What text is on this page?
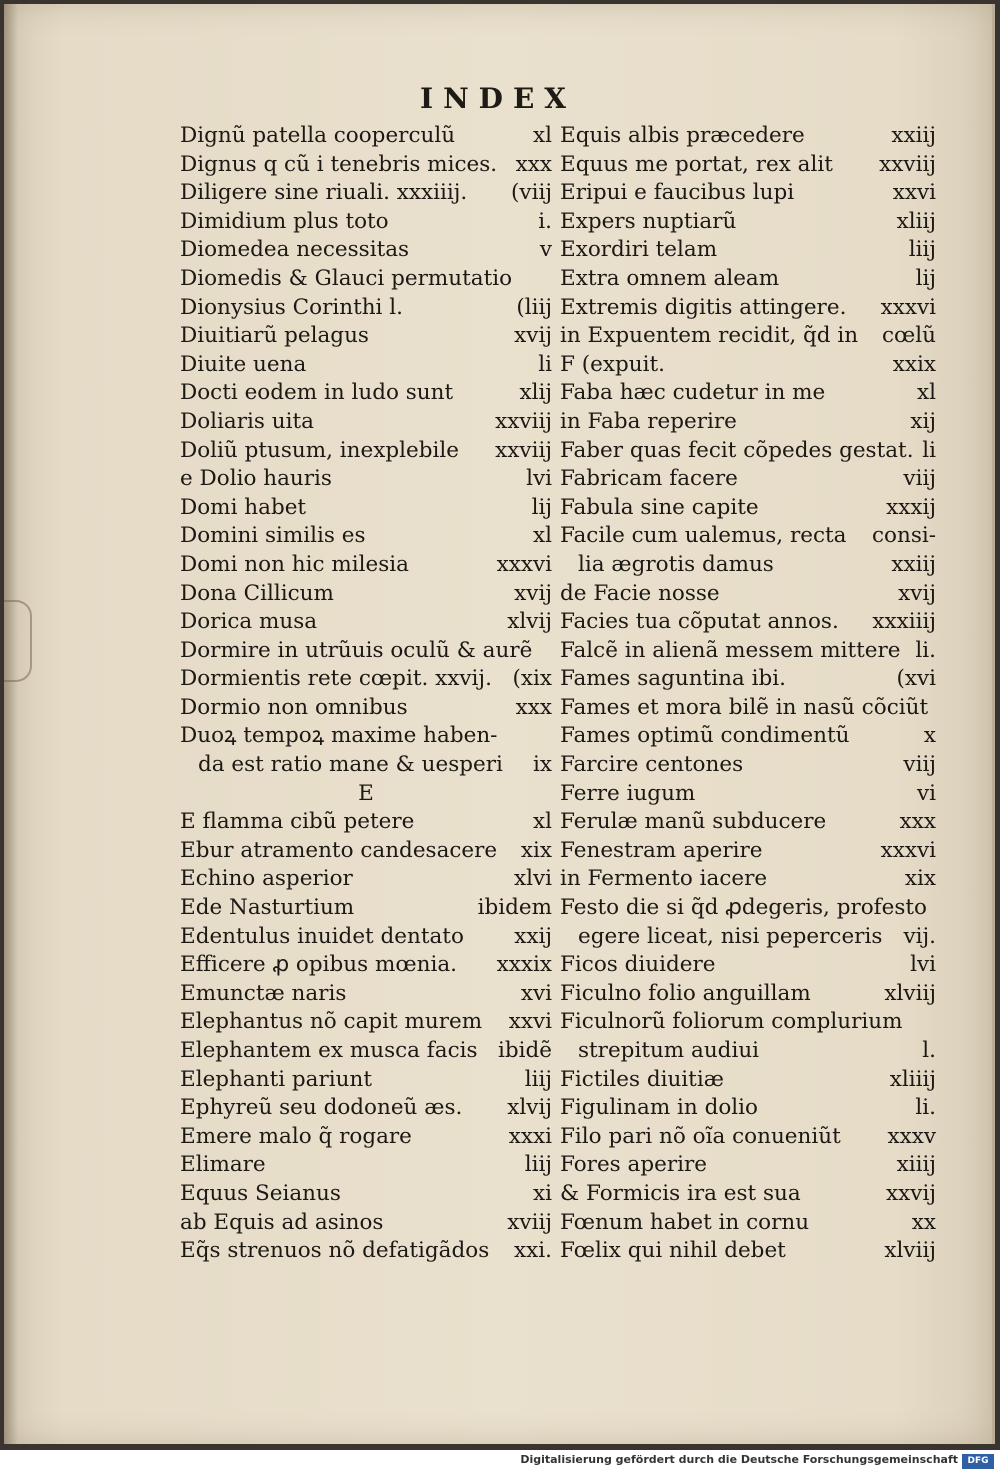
INDEX
Dignũ patella cooperculũ	xl
Dignus q cũ i tenebris mices. xxx
Diligere sine riuali. xxxiiij. (viij
Dimidium plus toto	i.
Diomedea necessitas	v
Diomedis & Glauci permutatio
Dionysius Corinthi l.	(liij
Diuitiarũ pelagus	xvij
Diuite uena	li
Docti eodem in ludo sunt	xlij
Doliaris uita	xxviij
Doliũ ptusum, inexplebile xxviij
e Dolio hauris	lvi
Domi habet	lij
Domini similis es	xl
Domi non hic milesia	xxxvi
Dona Cillicum	xvij
Dorica musa	xlvij
Dormire in utrũuis oculũ & aurẽ
Dormientis rete cœpit. xxvij. (xix
Dormio non omnibus	xxx
Duoꝝ tempoꝝ maxime haben-
da est ratio mane & uesperi ix
E
E flamma cibũ petere	xl
Ebur atramento candesacere xix
Echino asperior	xlvi
Ede Nasturtium	ibidem
Edentulus inuidet dentato xxij
Efficere ꝓ opibus mœnia. xxxix
Emunctæ naris	xvi
Elephantus nõ capit murem xxvi
Elephantem ex musca facis ibidẽ
Elephanti pariunt	liij
Ephyreũ seu dodoneũ æs. xlvij
Emere malo q̃ rogare	xxxi
Elimare	liij
Equus Seianus	xi
ab Equis ad asinos	xviij
Eq̃s strenuos nõ defatigãdos xxi.
Equis albis præcedere	xxiij
Equus me portat, rex alit xxviij
Eripui e faucibus lupi	xxvi
Expers nuptiarũ	xliij
Exordiri telam	liij
Extra omnem aleam	lij
Extremis digitis attingere. xxxvi
in Expuentem recidit, q̃d in cœlũ
F (expuit.	xxix
Faba hæc cudetur in me	xl
in Faba reperire	xij
Faber quas fecit cõpedes gestat. li
Fabricam facere	viij
Fabula sine capite	xxxij
Facile cum ualemus, recta consi-
lia ægrotis damus	xxiij
de Facie nosse	xvij
Facies tua cõputat annos. xxxiiij
Falcẽ in alienã messem mittere li.
Fames saguntina ibi.	(xvi
Fames et mora bilẽ in nasũ cõciũt
Fames optimũ condimentũ	x
Farcire centones	viij
Ferre iugum	vi
Ferulæ manũ subducere	xxx
Fenestram aperire	xxxvi
in Fermento iacere	xix
Festo die si q̃d ꝓdegeris, profesto
egere liceat, nisi peperceris vij.
Ficos diuidere	lvi
Ficulno folio anguillam	xlviij
Ficulnorũ foliorum complurium
strepitum audiui	l.
Fictiles diuitiæ	xliiij
Figulinam in dolio	li.
Filo pari nõ oĩa conueniũt xxxv
Fores aperire	xiiij
& Formicis ira est sua	xxvij
Fœnum habet in cornu	xx
Fœlix qui nihil debet	xlviij
Digitalisierung gefördert durch die Deutsche Forschungsgemeinschaft	DFG
